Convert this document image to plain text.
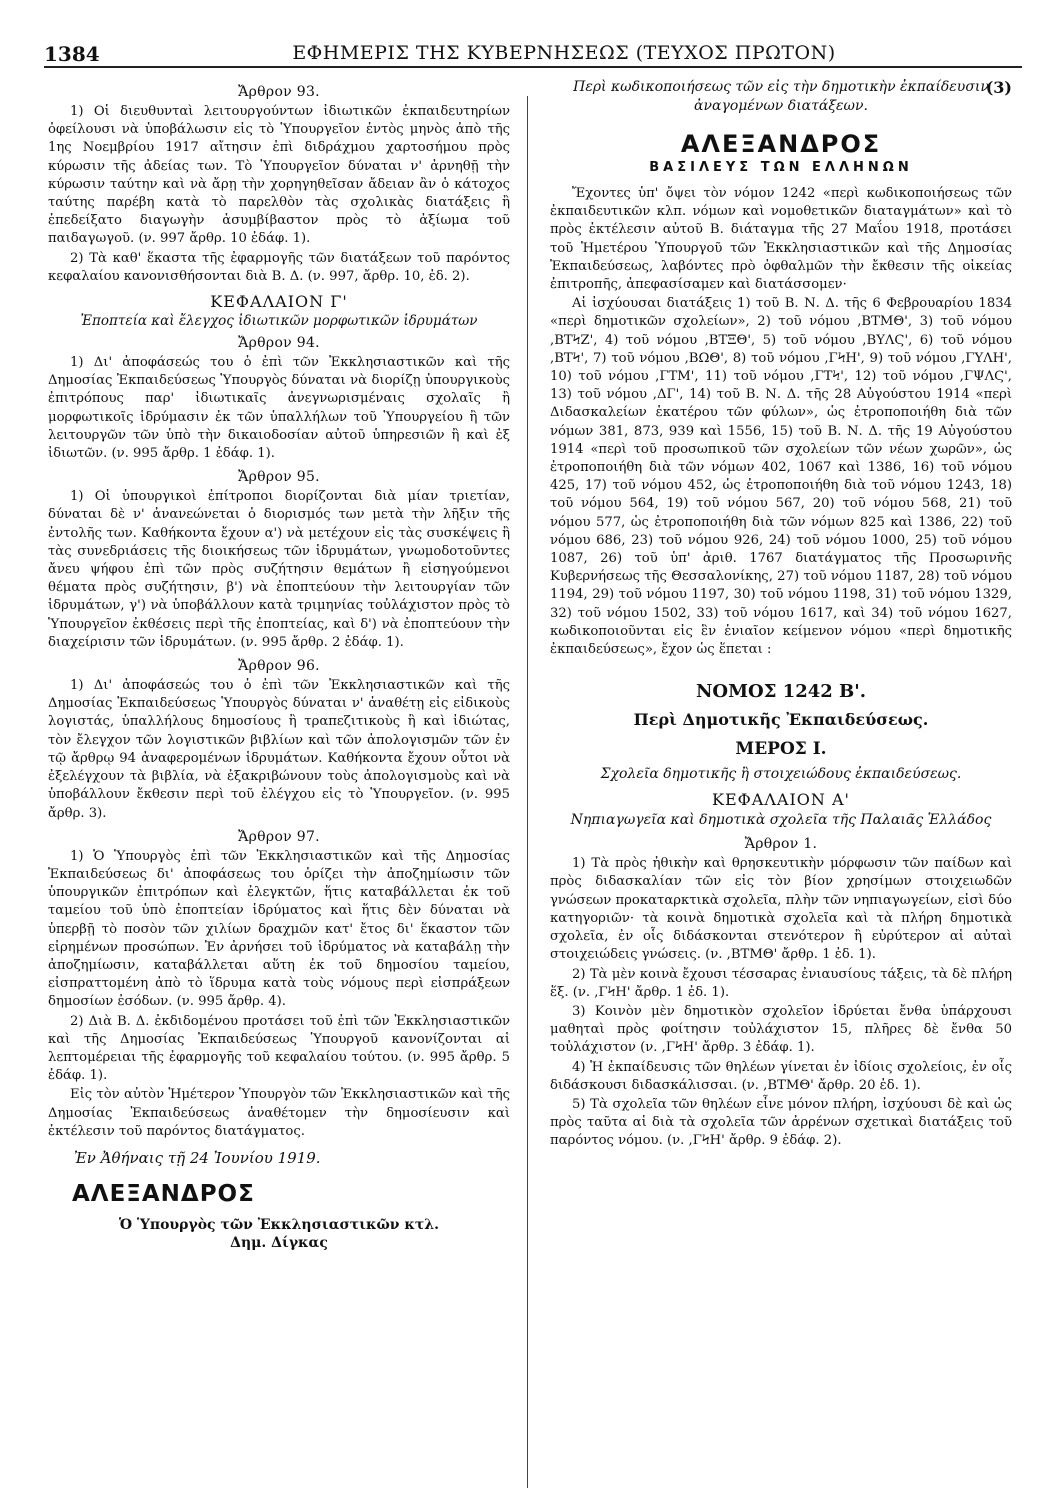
1384	ΕΦΗΜΕΡΙΣ ΤΗΣ ΚΥΒΕΡΝΗΣΕΩΣ (ΤΕΥΧΟΣ ΠΡΩΤΟΝ)
Ἄρθρον 93.

1) Οἱ διευθυνταὶ λειτουργούντων ἰδιωτικῶν ἐκπαιδευτηρίων ὀφείλουσι νὰ ὑποβάλωσιν εἰς τὸ Ὑπουργεῖον ἐντὸς μηνὸς ἀπὸ τῆς 1ης Νοεμβρίου 1917 αἴτησιν ἐπὶ διδράχμου χαρτοσήμου πρὸς κύρωσιν τῆς ἀδείας των. Τὸ Ὑπουργεῖον δύναται ν' ἀρνηθῇ τὴν κύρωσιν ταύτην καὶ νὰ ἄρῃ τὴν χορηγηθεῖσαν ἄδειαν ἂν ὁ κάτοχος ταύτης παρέβη κατὰ τὸ παρελθὸν τὰς σχολικὰς διατάξεις ἢ ἐπεδείξατο διαγωγὴν ἀσυμβίβαστον πρὸς τὸ ἀξίωμα τοῦ παιδαγωγοῦ. (ν. 997 ἄρθρ. 10 ἐδάφ. 1).

2) Τὰ καθ' ἕκαστα τῆς ἐφαρμογῆς τῶν διατάξεων τοῦ παρόντος κεφαλαίου κανονισθήσονται διὰ Β. Δ. (ν. 997, ἄρθρ. 10, ἐδ. 2).

ΚΕΦΑΛΑΙΟΝ Γ'
Ἐποπτεία καὶ ἔλεγχος ἰδιωτικῶν μορφωτικῶν ἱδρυμάτων
Ἄρθρον 94.

1) Δι' ἀποφάσεώς του ὁ ἐπὶ τῶν Ἐκκλησιαστικῶν καὶ τῆς Δημοσίας Ἐκπαιδεύσεως Ὑπουργὸς δύναται νὰ διορίζῃ ὑπουργικοὺς ἐπιτρόπους παρ' ἰδιωτικαῖς ἀνεγνωρισμέναις σχολαῖς ἢ μορφωτικοῖς ἱδρύμασιν ἐκ τῶν ὑπαλλήλων τοῦ Ὑπουργείου ἢ τῶν λειτουργῶν τῶν ὑπὸ τὴν δικαιοδοσίαν αὐτοῦ ὑπηρεσιῶν ἢ καὶ ἐξ ἰδιωτῶν. (ν. 995 ἄρθρ. 1 ἐδάφ. 1).

Ἄρθρον 95.

1) Οἱ ὑπουργικοὶ ἐπίτροποι διορίζονται διὰ μίαν τριετίαν, δύναται δὲ ν' ἀνανεώνεται ὁ διορισμός των μετὰ τὴν λῆξιν τῆς ἐντολῆς των. Καθήκοντα ἔχουν α') νὰ μετέχουν εἰς τὰς συσκέψεις ἢ τὰς συνεδριάσεις τῆς διοικήσεως τῶν ἱδρυμάτων, γνωμοδοτοῦντες ἄνευ ψήφου ἐπὶ τῶν πρὸς συζήτησιν θεμάτων ἢ εἰσηγούμενοι θέματα πρὸς συζήτησιν, β') νὰ ἐποπτεύουν τὴν λειτουργίαν τῶν ἱδρυμάτων, γ') νὰ ὑποβάλλουν κατὰ τριμηνίας τοὐλάχιστον πρὸς τὸ Ὑπουργεῖον ἐκθέσεις περὶ τῆς ἐποπτείας, καὶ δ') νὰ ἐποπτεύουν τὴν διαχείρισιν τῶν ἱδρυμάτων. (ν. 995 ἄρθρ. 2 ἐδάφ. 1).

Ἄρθρον 96.

1) Δι' ἀποφάσεώς του ὁ ἐπὶ τῶν Ἐκκλησιαστικῶν καὶ τῆς Δημοσίας Ἐκπαιδεύσεως Ὑπουργὸς δύναται ν' ἀναθέτῃ εἰς εἰδικοὺς λογιστάς, ὑπαλλήλους δημοσίους ἢ τραπεζιτικοὺς ἢ καὶ ἰδιώτας, τὸν ἔλεγχον τῶν λογιστικῶν βιβλίων καὶ τῶν ἀπολογισμῶν τῶν ἐν τῷ ἄρθρῳ 94 ἀναφερομένων ἱδρυμάτων. Καθήκοντα ἔχουν οὗτοι νὰ ἐξελέγχουν τὰ βιβλία, νὰ ἐξακριβώνουν τοὺς ἀπολογισμοὺς καὶ νὰ ὑποβάλλουν ἔκθεσιν περὶ τοῦ ἐλέγχου εἰς τὸ Ὑπουργεῖον. (ν. 995 ἄρθρ. 3).

Ἄρθρον 97.

1) Ὁ Ὑπουργὸς ἐπὶ τῶν Ἐκκλησιαστικῶν καὶ τῆς Δημοσίας Ἐκπαιδεύσεως δι' ἀποφάσεως του ὁρίζει τὴν ἀποζημίωσιν τῶν ὑπουργικῶν ἐπιτρόπων καὶ ἐλεγκτῶν, ἥτις καταβάλλεται ἐκ τοῦ ταμείου τοῦ ὑπὸ ἐποπτείαν ἱδρύματος καὶ ἥτις δὲν δύναται νὰ ὑπερβῇ τὸ ποσὸν τῶν χιλίων δραχμῶν κατ' ἔτος δι' ἕκαστον τῶν εἰρημένων προσώπων. Ἐν ἀρνήσει τοῦ ἱδρύματος νὰ καταβάλῃ τὴν ἀποζημίωσιν, καταβάλλεται αὕτη ἐκ τοῦ δημοσίου ταμείου, εἰσπραττομένη ἀπὸ τὸ ἵδρυμα κατὰ τοὺς νόμους περὶ εἰσπράξεων δημοσίων ἐσόδων. (ν. 995 ἄρθρ. 4).

2) Διὰ Β. Δ. ἐκδιδομένου προτάσει τοῦ ἐπὶ τῶν Ἐκκλησιαστικῶν καὶ τῆς Δημοσίας Ἐκπαιδεύσεως Ὑπουργοῦ κανονίζονται αἱ λεπτομέρειαι τῆς ἐφαρμογῆς τοῦ κεφαλαίου τούτου. (ν. 995 ἄρθρ. 5 ἐδάφ. 1).

Εἰς τὸν αὐτὸν Ἡμέτερον Ὑπουργὸν τῶν Ἐκκλησιαστικῶν καὶ τῆς Δημοσίας Ἐκπαιδεύσεως ἀναθέτομεν τὴν δημοσίευσιν καὶ ἐκτέλεσιν τοῦ παρόντος διατάγματος.

Ἐν Ἀθήναις τῇ 24 Ἰουνίου 1919.
ΑΛΕΞΑΝΔΡΟΣ
Ὁ Ὑπουργὸς τῶν Ἐκκλησιαστικῶν κτλ.
Δημ. Δίγκας
(3)

Περὶ κωδικοποιήσεως τῶν εἰς τὴν δημοτικὴν ἐκπαίδευσιν ἀναγομένων διατάξεων.

ΑΛΕΞΑΝΔΡΟΣ
ΒΑΣΙΛΕΥΣ ΤΩΝ ΕΛΛΗΝΩΝ

Ἔχοντες ὑπ' ὄψει τὸν νόμον 1242 «περὶ κωδικοποιήσεως τῶν ἐκπαιδευτικῶν κλπ. νόμων καὶ νομοθετικῶν διαταγμάτων» καὶ τὸ πρὸς ἐκτέλεσιν αὐτοῦ Β. διάταγμα τῆς 27 Μαΐου 1918, προτάσει τοῦ Ἡμετέρου Ὑπουργοῦ τῶν Ἐκκλησιαστικῶν καὶ τῆς Δημοσίας Ἐκπαιδεύσεως, λαβόντες πρὸ ὀφθαλμῶν τὴν ἔκθεσιν τῆς οἰκείας ἐπιτροπῆς, ἀπεφασίσαμεν καὶ διατάσσομεν·

Αἱ ἰσχύουσαι διατάξεις 1) τοῦ Β. Ν. Δ. τῆς 6 Φεβρουαρίου 1834 «περὶ δημοτικῶν σχολείων», 2) τοῦ νόμου ,ΒΤΜΘ', 3) τοῦ νόμου ,ΒΤϞΖ', 4) τοῦ νόμου ,ΒΤΞΘ', 5) τοῦ νόμου ,ΒΥΛϚ', 6) τοῦ νόμου ,ΒΤϞ', 7) τοῦ νόμου ,ΒΩΘ', 8) τοῦ νόμου ,ΓϞΗ', 9) τοῦ νόμου ,ΓΥΛΗ', 10) τοῦ νόμου ,ΓΤΜ', 11) τοῦ νόμου ,ΓΤϞ', 12) τοῦ νόμου ,ΓΨΛϚ', 13) τοῦ νόμου ,ΔΓ', 14) τοῦ Β. Ν. Δ. τῆς 28 Αὐγούστου 1914 «περὶ Διδασκαλείων ἑκατέρου τῶν φύλων», ὡς ἐτροποποιήθη διὰ τῶν νόμων 381, 873, 939 καὶ 1556, 15) τοῦ Β. Ν. Δ. τῆς 19 Αὐγούστου 1914 «περὶ τοῦ προσωπικοῦ τῶν σχολείων τῶν νέων χωρῶν», ὡς ἐτροποποιήθη διὰ τῶν νόμων 402, 1067 καὶ 1386, 16) τοῦ νόμου 425, 17) τοῦ νόμου 452, ὡς ἐτροποποιήθη διὰ τοῦ νόμου 1243, 18) τοῦ νόμου 564, 19) τοῦ νόμου 567, 20) τοῦ νόμου 568, 21) τοῦ νόμου 577, ὡς ἐτροποποιήθη διὰ τῶν νόμων 825 καὶ 1386, 22) τοῦ νόμου 686, 23) τοῦ νόμου 926, 24) τοῦ νόμου 1000, 25) τοῦ νόμου 1087, 26) τοῦ ὑπ' ἀριθ. 1767 διατάγματος τῆς Προσωρινῆς Κυβερνήσεως τῆς Θεσσαλονίκης, 27) τοῦ νόμου 1187, 28) τοῦ νόμου 1194, 29) τοῦ νόμου 1197, 30) τοῦ νόμου 1198, 31) τοῦ νόμου 1329, 32) τοῦ νόμου 1502, 33) τοῦ νόμου 1617, καὶ 34) τοῦ νόμου 1627, κωδικοποιοῦνται εἰς ἓν ἑνιαῖον κείμενον νόμου «περὶ δημοτικῆς ἐκπαιδεύσεως», ἔχον ὡς ἕπεται :

ΝΟΜΟΣ 1242 Β'.
Περὶ Δημοτικῆς Ἐκπαιδεύσεως.
ΜΕΡΟΣ Ι.

Σχολεῖα δημοτικῆς ἢ στοιχειώδους ἐκπαιδεύσεως.

ΚΕΦΑΛΑΙΟΝ Α'

Νηπιαγωγεῖα καὶ δημοτικὰ σχολεῖα τῆς Παλαιᾶς Ἑλλάδος

Ἄρθρον 1.

1) Τὰ πρὸς ἠθικὴν καὶ θρησκευτικὴν μόρφωσιν τῶν παίδων καὶ πρὸς διδασκαλίαν τῶν εἰς τὸν βίον χρησίμων στοιχειωδῶν γνώσεων προκαταρκτικὰ σχολεῖα, πλὴν τῶν νηπιαγωγείων, εἰσὶ δύο κατηγοριῶν· τὰ κοινὰ δημοτικὰ σχολεῖα καὶ τὰ πλήρη δημοτικὰ σχολεῖα, ἐν οἷς διδάσκονται στενότερον ἢ εὐρύτερον αἱ αὐταὶ στοιχειώδεις γνώσεις. (ν. ,ΒΤΜΘ' ἄρθρ. 1 ἐδ. 1).

2) Τὰ μὲν κοινὰ ἔχουσι τέσσαρας ἐνιαυσίους τάξεις, τὰ δὲ πλήρη ἕξ. (ν. ,ΓϞΗ' ἄρθρ. 1 ἐδ. 1).

3) Κοινὸν μὲν δημοτικὸν σχολεῖον ἱδρύεται ἔνθα ὑπάρχουσι μαθηταὶ πρὸς φοίτησιν τοὐλάχιστον 15, πλῆρες δὲ ἔνθα 50 τοὐλάχιστον (ν. ,ΓϞΗ' ἄρθρ. 3 ἐδάφ. 1).

4) Ἡ ἐκπαίδευσις τῶν θηλέων γίνεται ἐν ἰδίοις σχολείοις, ἐν οἷς διδάσκουσι διδασκάλισσαι. (ν. ,ΒΤΜΘ' ἄρθρ. 20 ἐδ. 1).

5) Τὰ σχολεῖα τῶν θηλέων εἶνε μόνον πλήρη, ἰσχύουσι δὲ καὶ ὡς πρὸς ταῦτα αἱ διὰ τὰ σχολεῖα τῶν ἀρρένων σχετικαὶ διατάξεις τοῦ παρόντος νόμου. (ν. ,ΓϞΗ' ἄρθρ. 9 ἐδάφ. 2).
